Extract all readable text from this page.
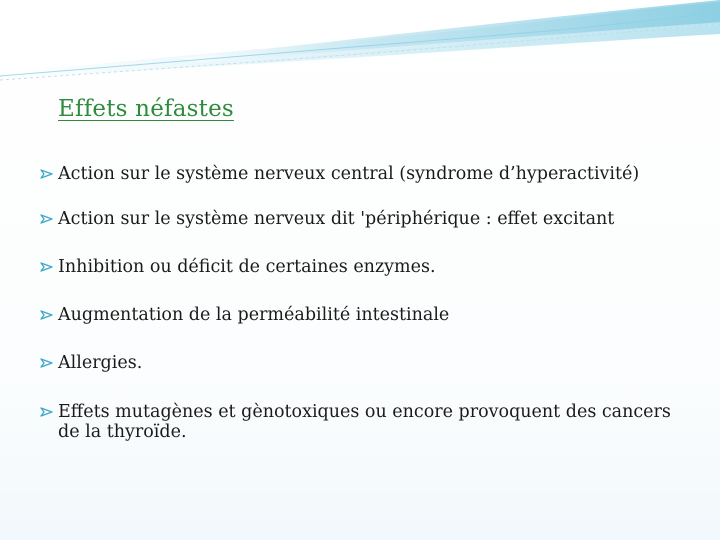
Effets néfastes
Action sur le système nerveux central (syndrome d’hyperactivité)
Action sur le système nerveux dit 'périphérique : effet excitant
Inhibition ou déficit de certaines enzymes.
Augmentation de la perméabilité intestinale
Allergies.
Effets mutagènes et gènotoxiques ou encore provoquent des cancers de la thyroïde.
